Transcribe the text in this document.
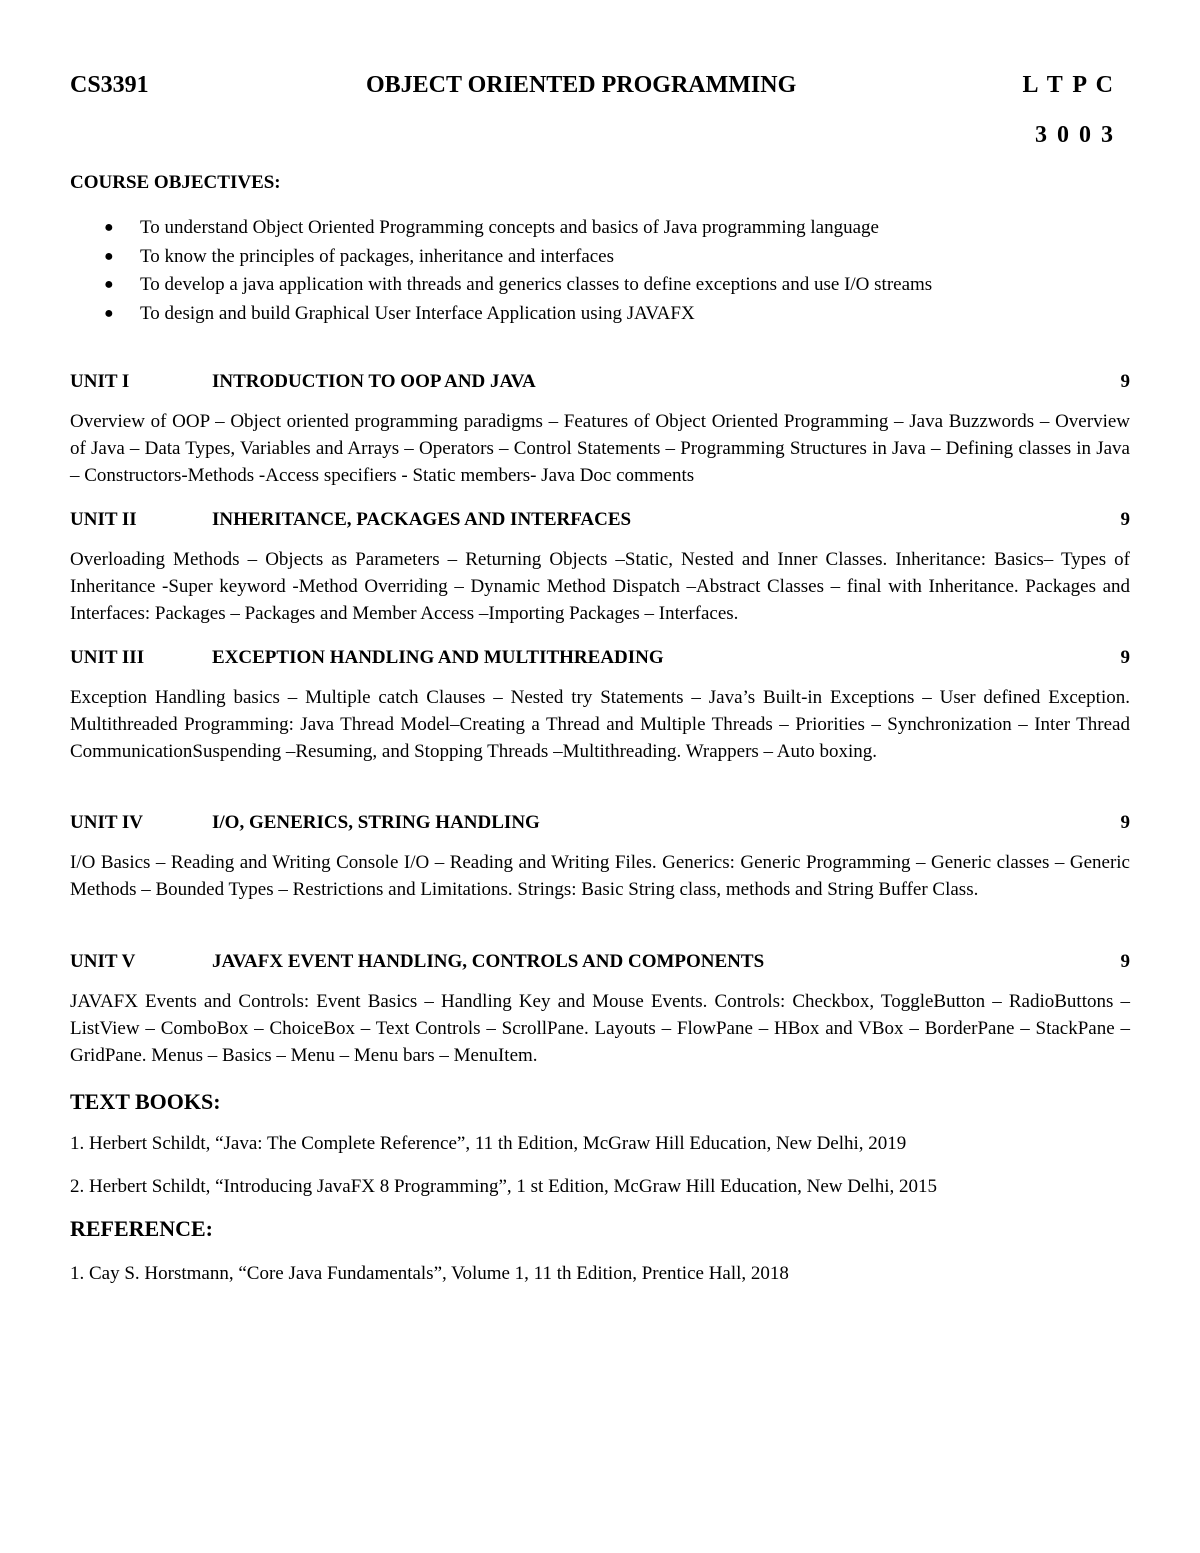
CS3391	OBJECT ORIENTED PROGRAMMING	L T P C
3 0 0 3
COURSE OBJECTIVES:
● To understand Object Oriented Programming concepts and basics of Java programming language
● To know the principles of packages, inheritance and interfaces
● To develop a java application with threads and generics classes to define exceptions and use I/O streams
● To design and build Graphical User Interface Application using JAVAFX
UNIT I	INTRODUCTION TO OOP AND JAVA	9
Overview of OOP – Object oriented programming paradigms – Features of Object Oriented Programming – Java Buzzwords – Overview of Java – Data Types, Variables and Arrays – Operators – Control Statements – Programming Structures in Java – Defining classes in Java – Constructors-Methods -Access specifiers - Static members- Java Doc comments
UNIT II	INHERITANCE, PACKAGES AND INTERFACES	9
Overloading Methods – Objects as Parameters – Returning Objects –Static, Nested and Inner Classes. Inheritance: Basics– Types of Inheritance -Super keyword -Method Overriding – Dynamic Method Dispatch –Abstract Classes – final with Inheritance. Packages and Interfaces: Packages – Packages and Member Access –Importing Packages – Interfaces.
UNIT III	EXCEPTION HANDLING AND MULTITHREADING	9
Exception Handling basics – Multiple catch Clauses – Nested try Statements – Java’s Built-in Exceptions – User defined Exception. Multithreaded Programming: Java Thread Model–Creating a Thread and Multiple Threads – Priorities – Synchronization – Inter Thread CommunicationSuspending –Resuming, and Stopping Threads –Multithreading. Wrappers – Auto boxing.
UNIT IV	I/O, GENERICS, STRING HANDLING	9
I/O Basics – Reading and Writing Console I/O – Reading and Writing Files. Generics: Generic Programming – Generic classes – Generic Methods – Bounded Types – Restrictions and Limitations. Strings: Basic String class, methods and String Buffer Class.
UNIT V	JAVAFX EVENT HANDLING, CONTROLS AND COMPONENTS	9
JAVAFX Events and Controls: Event Basics – Handling Key and Mouse Events. Controls: Checkbox, ToggleButton – RadioButtons – ListView – ComboBox – ChoiceBox – Text Controls – ScrollPane. Layouts – FlowPane – HBox and VBox – BorderPane – StackPane – GridPane. Menus – Basics – Menu – Menu bars – MenuItem.
TEXT BOOKS:
1. Herbert Schildt, “Java: The Complete Reference”, 11 th Edition, McGraw Hill Education, New Delhi, 2019
2. Herbert Schildt, “Introducing JavaFX 8 Programming”, 1 st Edition, McGraw Hill Education, New Delhi, 2015
REFERENCE:
1. Cay S. Horstmann, “Core Java Fundamentals”, Volume 1, 11 th Edition, Prentice Hall, 2018
